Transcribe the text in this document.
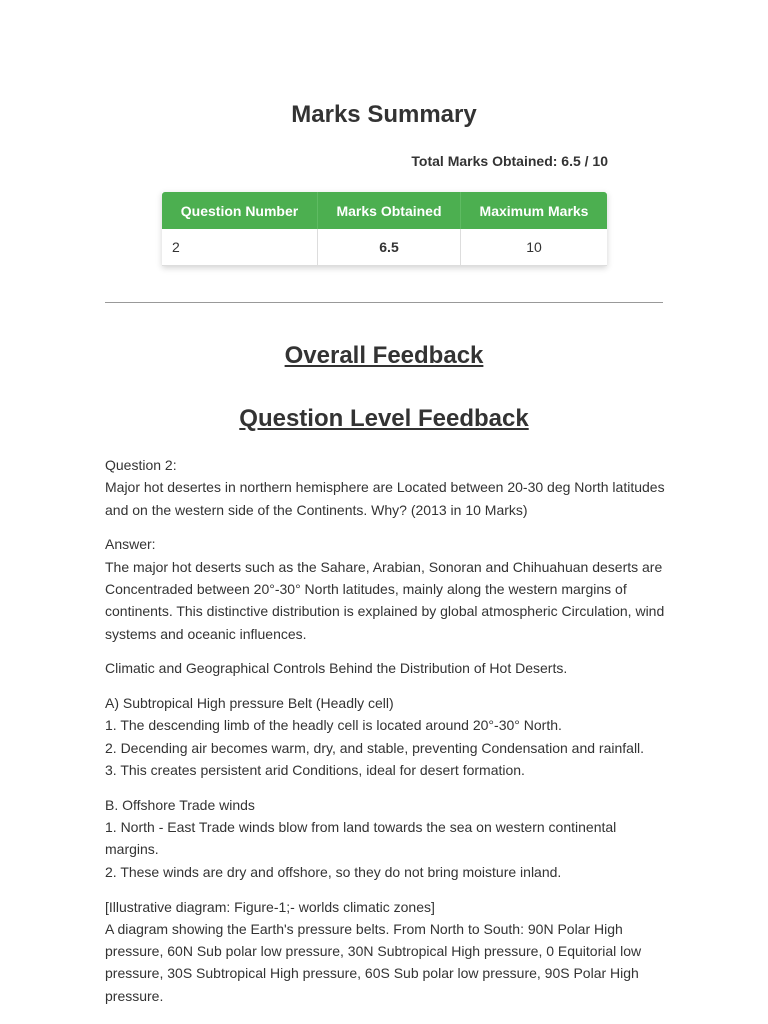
Marks Summary
Total Marks Obtained: 6.5 / 10
Question Number	Marks Obtained	Maximum Marks
2	6.5	10
Overall Feedback
Question Level Feedback

Question 2:
Major hot desertes in northern hemisphere are Located between 20-30 deg North latitudes and on the western side of the Continents. Why? (2013 in 10 Marks)

Answer:
The major hot deserts such as the Sahare, Arabian, Sonoran and Chihuahuan deserts are Concentraded between 20°-30° North latitudes, mainly along the western margins of continents. This distinctive distribution is explained by global atmospheric Circulation, wind systems and oceanic influences.

Climatic and Geographical Controls Behind the Distribution of Hot Deserts.

A) Subtropical High pressure Belt (Headly cell)
1. The descending limb of the headly cell is located around 20°-30° North.
2. Decending air becomes warm, dry, and stable, preventing Condensation and rainfall.
3. This creates persistent arid Conditions, ideal for desert formation.

B. Offshore Trade winds
1. North - East Trade winds blow from land towards the sea on western continental margins.
2. These winds are dry and offshore, so they do not bring moisture inland.

[Illustrative diagram: Figure-1;- worlds climatic zones]
A diagram showing the Earth's pressure belts. From North to South: 90N Polar High pressure, 60N Sub polar low pressure, 30N Subtropical High pressure, 0 Equitorial low pressure, 30S Subtropical High pressure, 60S Sub polar low pressure, 90S Polar High pressure.
